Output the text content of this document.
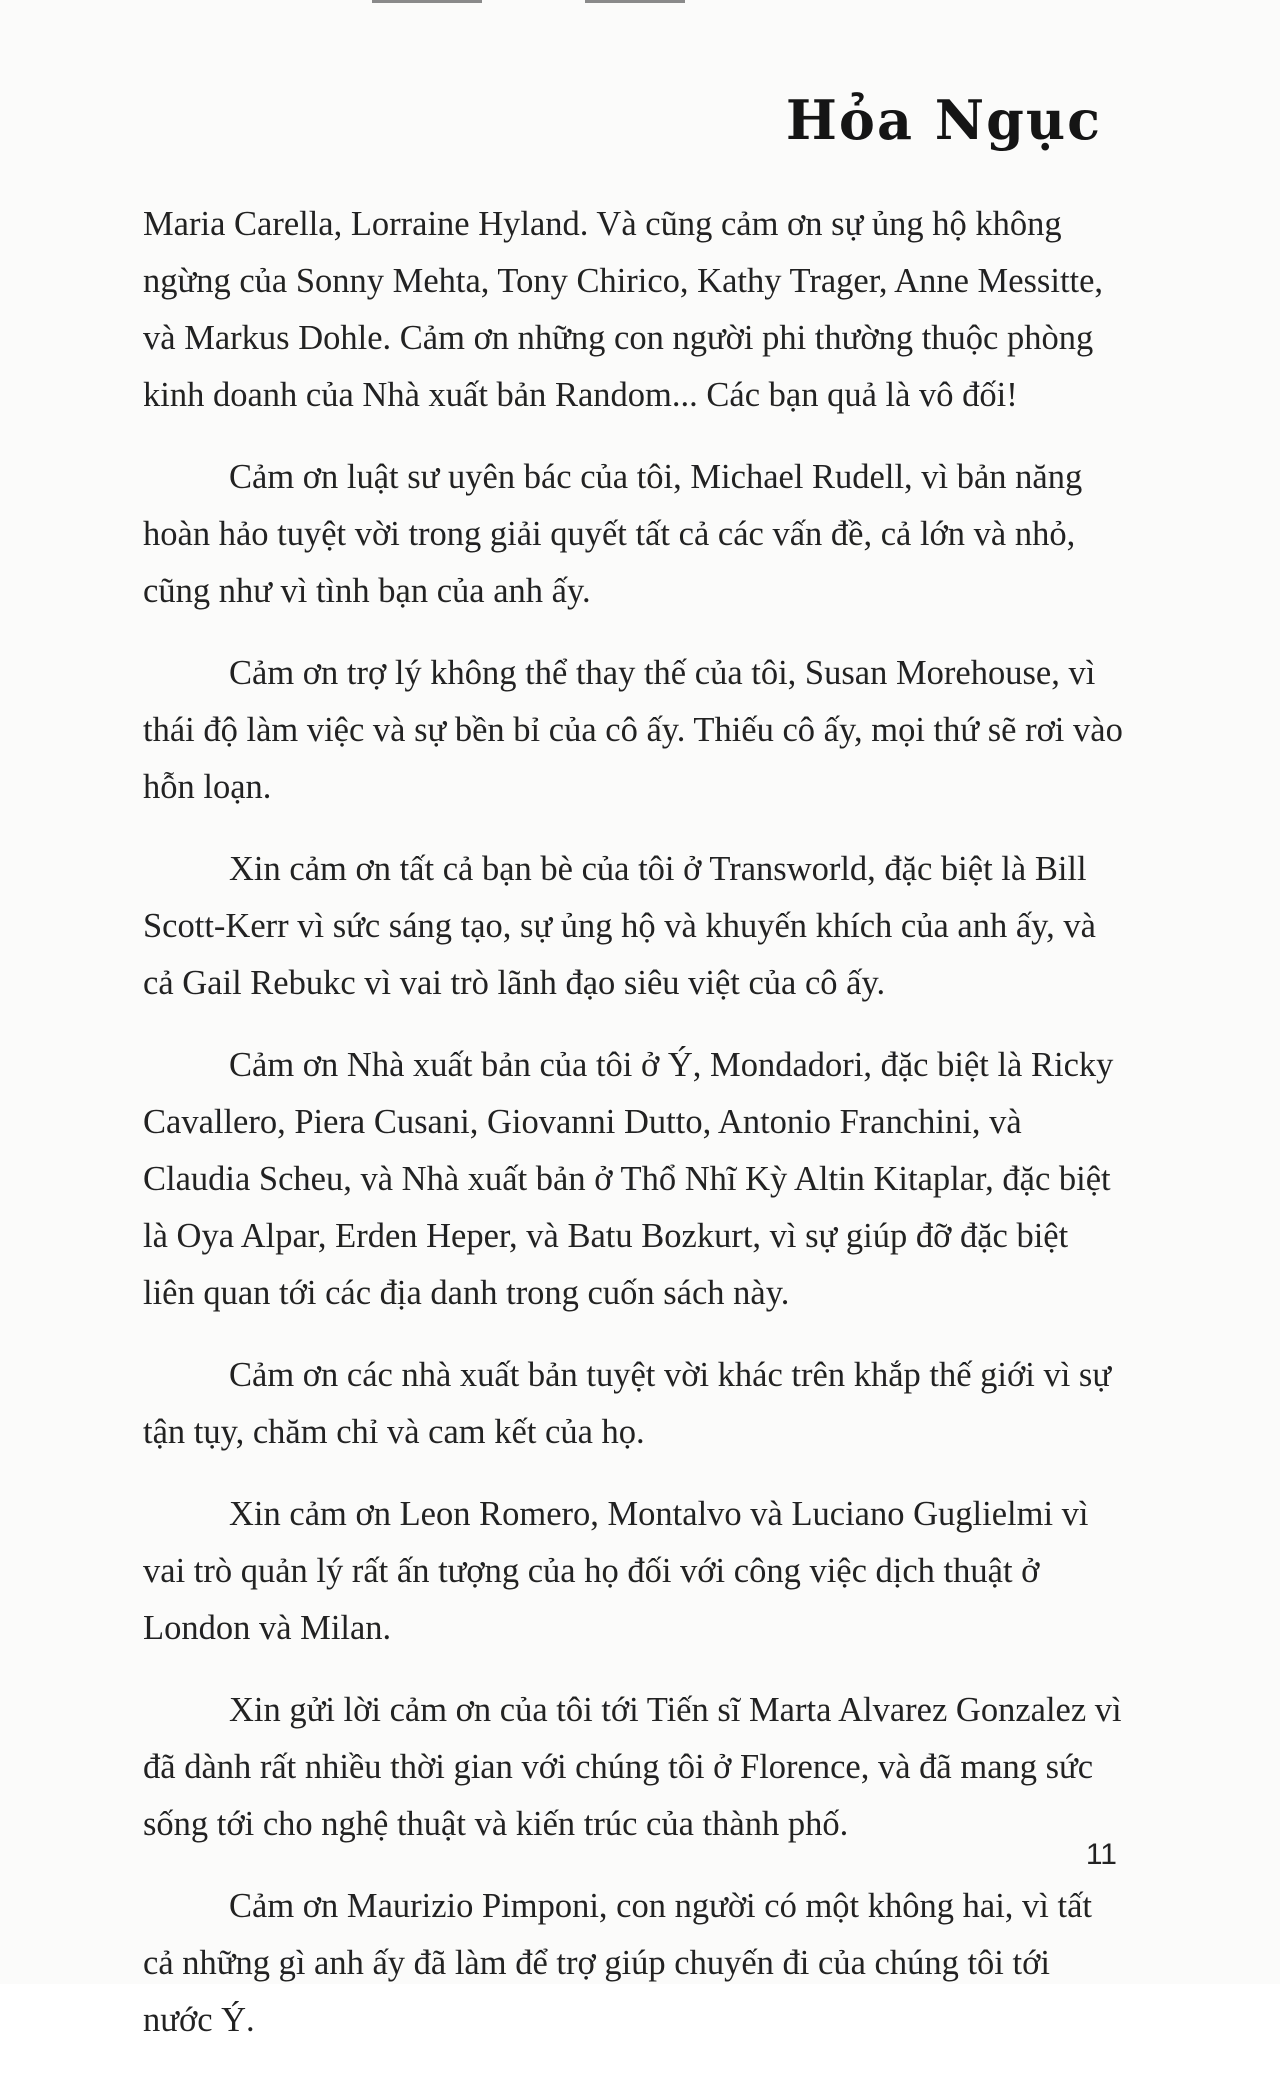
Hỏa Ngục

Maria Carella, Lorraine Hyland. Và cũng cảm ơn sự ủng hộ không ngừng của Sonny Mehta, Tony Chirico, Kathy Trager, Anne Messitte, và Markus Dohle. Cảm ơn những con người phi thường thuộc phòng kinh doanh của Nhà xuất bản Random... Các bạn quả là vô đối!

Cảm ơn luật sư uyên bác của tôi, Michael Rudell, vì bản năng hoàn hảo tuyệt vời trong giải quyết tất cả các vấn đề, cả lớn và nhỏ, cũng như vì tình bạn của anh ấy.

Cảm ơn trợ lý không thể thay thế của tôi, Susan Morehouse, vì thái độ làm việc và sự bền bỉ của cô ấy. Thiếu cô ấy, mọi thứ sẽ rơi vào hỗn loạn.

Xin cảm ơn tất cả bạn bè của tôi ở Transworld, đặc biệt là Bill Scott-Kerr vì sức sáng tạo, sự ủng hộ và khuyến khích của anh ấy, và cả Gail Rebukc vì vai trò lãnh đạo siêu việt của cô ấy.

Cảm ơn Nhà xuất bản của tôi ở Ý, Mondadori, đặc biệt là Ricky Cavallero, Piera Cusani, Giovanni Dutto, Antonio Franchini, và Claudia Scheu, và Nhà xuất bản ở Thổ Nhĩ Kỳ Altin Kitaplar, đặc biệt là Oya Alpar, Erden Heper, và Batu Bozkurt, vì sự giúp đỡ đặc biệt liên quan tới các địa danh trong cuốn sách này.

Cảm ơn các nhà xuất bản tuyệt vời khác trên khắp thế giới vì sự tận tụy, chăm chỉ và cam kết của họ.

Xin cảm ơn Leon Romero, Montalvo và Luciano Guglielmi vì vai trò quản lý rất ấn tượng của họ đối với công việc dịch thuật ở London và Milan.

Xin gửi lời cảm ơn của tôi tới Tiến sĩ Marta Alvarez Gonzalez vì đã dành rất nhiều thời gian với chúng tôi ở Florence, và đã mang sức sống tới cho nghệ thuật và kiến trúc của thành phố.

Cảm ơn Maurizio Pimponi, con người có một không hai, vì tất cả những gì anh ấy đã làm để trợ giúp chuyến đi của chúng tôi tới nước Ý.

11
